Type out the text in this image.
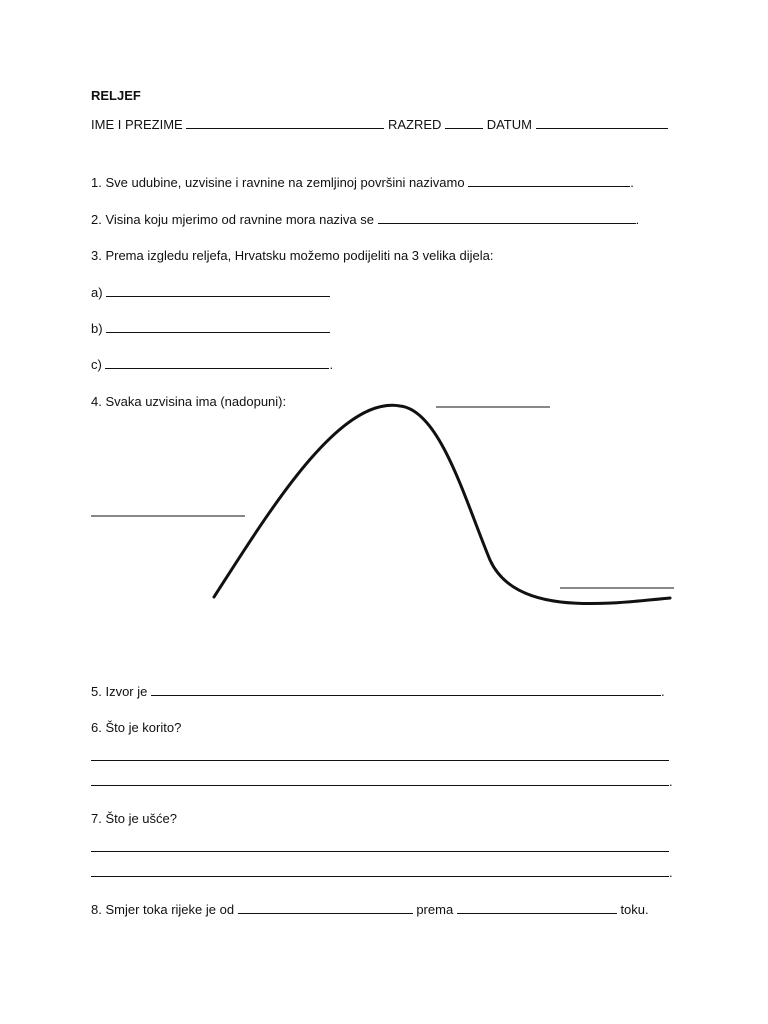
RELJEF
IME I PREZIME	RAZRED	DATUM
1. Sve udubine, uzvisine i ravnine na zemljinoj površini nazivamo	.
2. Visina koju mjerimo od ravnine mora naziva se	.
3. Prema izgledu reljefa, Hrvatsku možemo podijeliti na 3 velika dijela:
a)
b)
c)	.
4. Svaka uzvisina ima (nadopuni):
5. Izvor je	.
6. Što je korito?
.
7. Što je ušće?
.
8. Smjer toka rijeke je od	prema	toku.
